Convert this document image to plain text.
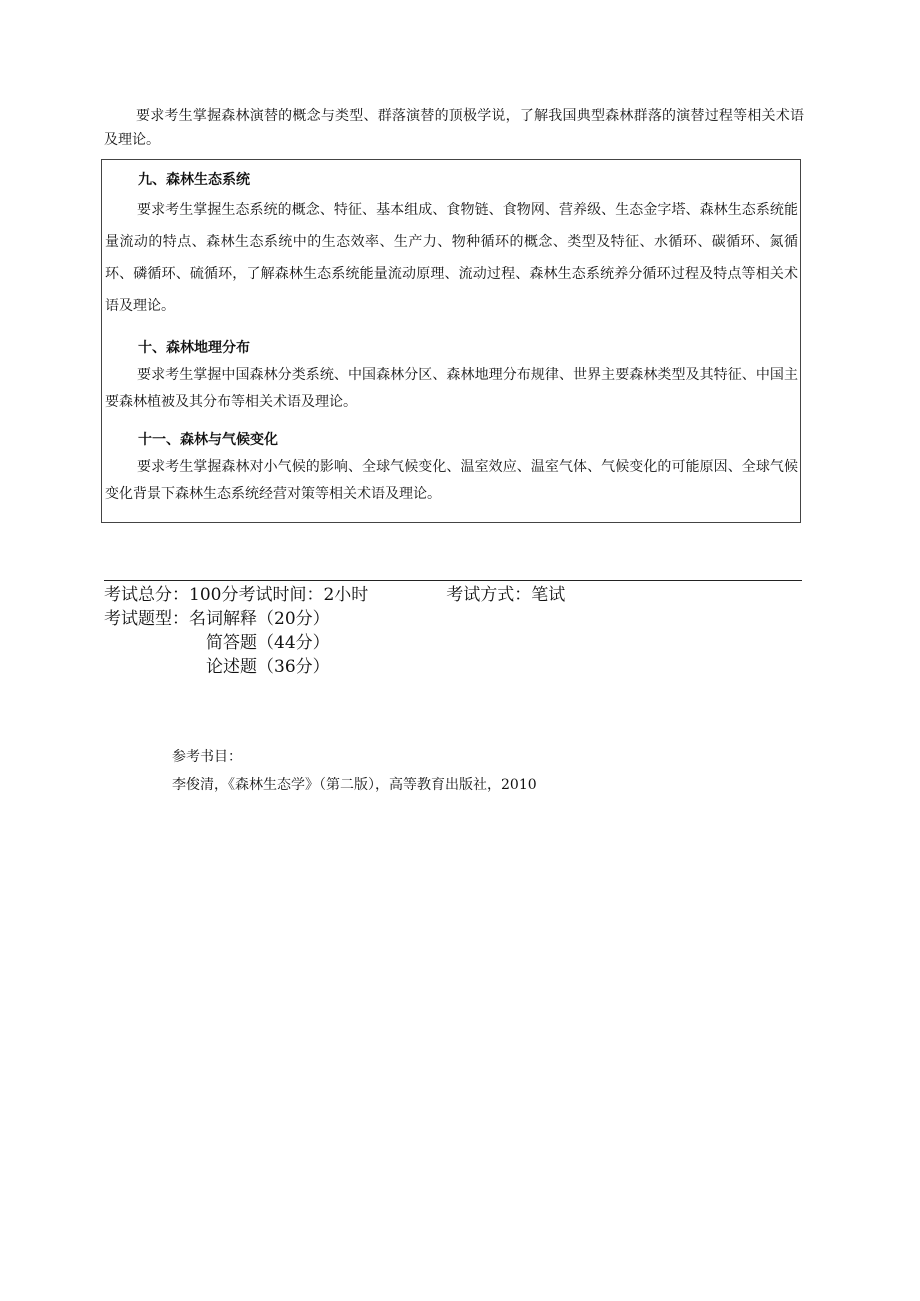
要求考生掌握森林演替的概念与类型、群落演替的顶极学说，了解我国典型森林群落的演替过程等相关术语及理论。

九、森林生态系统

要求考生掌握生态系统的概念、特征、基本组成、食物链、食物网、营养级、生态金字塔、森林生态系统能量流动的特点、森林生态系统中的生态效率、生产力、物种循环的概念、类型及特征、水循环、碳循环、氮循环、磷循环、硫循环，了解森林生态系统能量流动原理、流动过程、森林生态系统养分循环过程及特点等相关术语及理论。

十、森林地理分布

要求考生掌握中国森林分类系统、中国森林分区、森林地理分布规律、世界主要森林类型及其特征、中国主要森林植被及其分布等相关术语及理论。

十一、森林与气候变化

要求考生掌握森林对小气候的影响、全球气候变化、温室效应、温室气体、气候变化的可能原因、全球气候变化背景下森林生态系统经营对策等相关术语及理论。

考试总分：100分考试时间：2小时	考试方式：笔试
考试题型：名词解释（20分）
简答题（44分）
论述题（36分）
参考书目：
李俊清，《森林生态学》（第二版），高等教育出版社，2010
